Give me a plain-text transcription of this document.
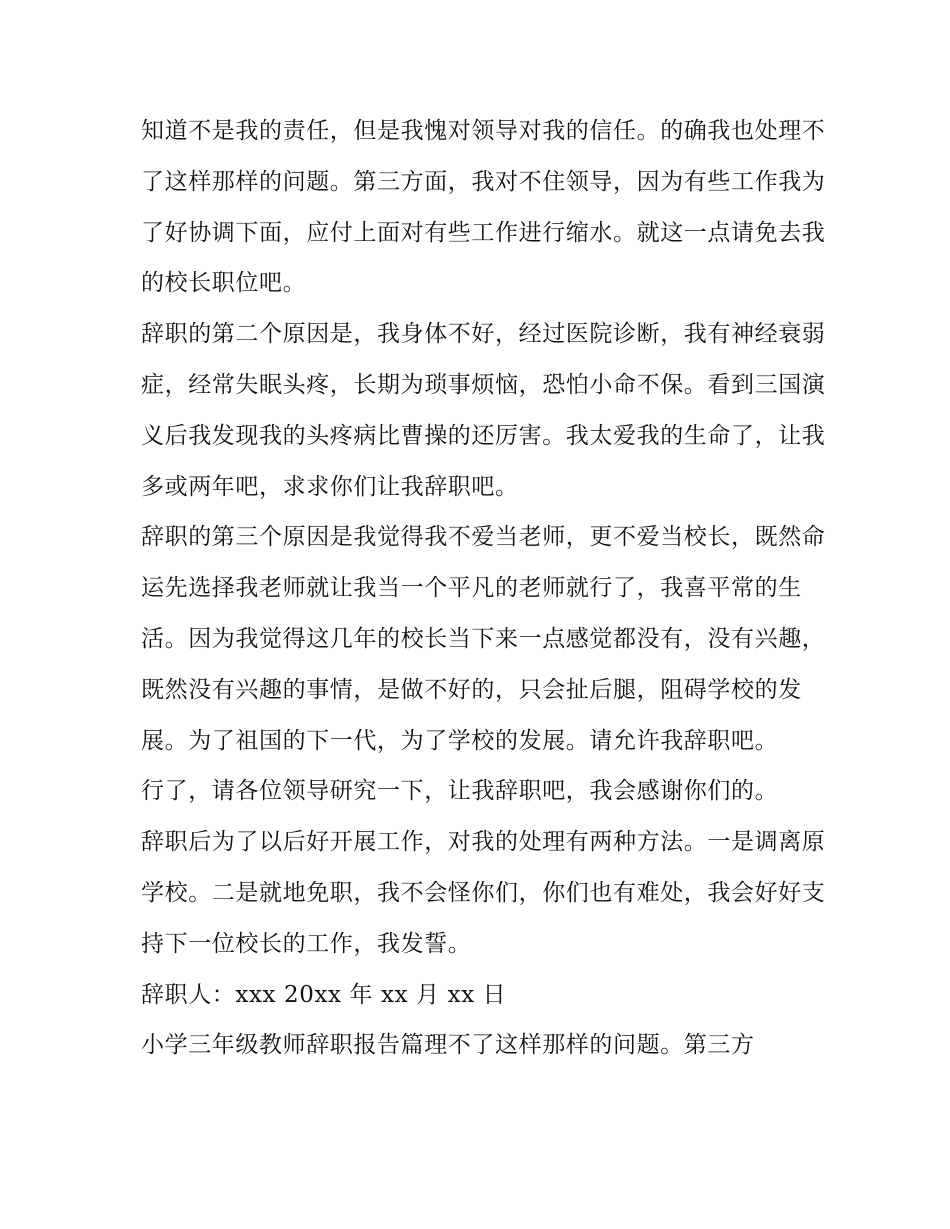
知道不是我的责任，但是我愧对领导对我的信任。的确我也处理不了这样那样的问题。第三方面，我对不住领导，因为有些工作我为了好协调下面，应付上面对有些工作进行缩水。就这一点请免去我的校长职位吧。

辞职的第二个原因是，我身体不好，经过医院诊断，我有神经衰弱症，经常失眠头疼，长期为琐事烦恼，恐怕小命不保。看到三国演义后我发现我的头疼病比曹操的还厉害。我太爱我的生命了，让我多或两年吧，求求你们让我辞职吧。

辞职的第三个原因是我觉得我不爱当老师，更不爱当校长，既然命运先选择我老师就让我当一个平凡的老师就行了，我喜平常的生活。因为我觉得这几年的校长当下来一点感觉都没有，没有兴趣，既然没有兴趣的事情，是做不好的，只会扯后腿，阻碍学校的发展。为了祖国的下一代，为了学校的发展。请允许我辞职吧。

行了，请各位领导研究一下，让我辞职吧，我会感谢你们的。

辞职后为了以后好开展工作，对我的处理有两种方法。一是调离原学校。二是就地免职，我不会怪你们，你们也有难处，我会好好支持下一位校长的工作，我发誓。

辞职人：xxx 20xx 年 xx 月 xx 日

小学三年级教师辞职报告篇理不了这样那样的问题。第三方
